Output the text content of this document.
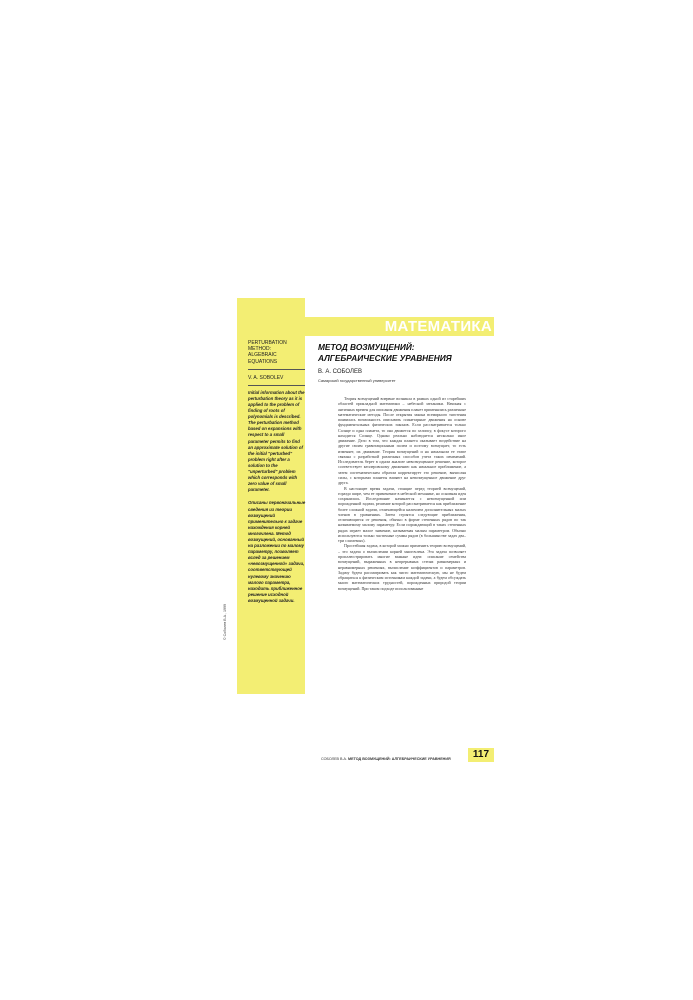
PERTURBATION
METHOD:
ALGEBRAIC EQUATIONS
V. A. SOBOLEV

Initial information about the perturbation theory as it is applied to the problem of finding of roots of polynomials is described. The perturbation method based on expansions with respect to a small parameter permits to find an approximate solution of the initial "perturbed" problem right after a solution to the "unperturbed" problem which corresponds with zero value of small parameter.

Описаны первоначальные сведения из теории возмущений применительно к задаче нахождения корней многочлена. Метод возмущений, основанный на разложении по малому параметру, позволяет вслед за решением «невозмущенной» задачи, соответствующей нулевому значению малого параметра, находить приближенное решение исходной возмущенной задачи.

© Соболев В.А., 1999
МАТЕМАТИКА
МЕТОД ВОЗМУЩЕНИЙ:
АЛГЕБРАИЧЕСКИЕ УРАВНЕНИЯ
В. А. СОБОЛЕВ
Самарский государственный университет

Теория возмущений впервые возникла в рамках одной из старейших областей прикладной математики – небесной механики. Начиная с античных времен для описания движения планет применялись различные математические методы. После открытия закона всемирного тяготения появилась возможность описывать планетарные движения на основе фундаментальных физических законов. Если рассматривается только Солнце и одна планета, то она движется по эллипсу, в фокусе которого находится Солнце. Однако реально наблюдается несколько иное движение. Дело в том, что каждая планета оказывает воздействие на другие своим гравитационным полем и поэтому возмущает, то есть изменяет, их движение. Теория возмущений и на начальном ее этапе связана с разработкой различных способов учета таких изменений. Исследователь берет в одном анализе невозмущенное решение, которое соответствует кеплеровскому движению как начальное приближение, а затем систематическим образом корректирует это решение, вычисляя силы, с которыми планеты влияют на невозмущенное движение друг друга.

В настоящее время задачи, стоящие перед теорией возмущений, гораздо шире, чем ее применение в небесной механике, но основная идея сохранилась. Исследование начинается с невозмущенной или порожденной задачи, решение которой рассматривается как приближение более сложной задачи, отличающейся наличием дополнительных малых членов в уравнениях. Затем строятся следующие приближения, отличающиеся от решения, обычно в форме степенных рядов по так называемому малому параметру. Если порождающий в таких степенных рядах играет малое значение, называемая малым параметром. Обычно используются только частичные суммы рядов (в большинстве задач два–три слагаемых).

Простейшая задача, в которой можно применить теорию возмущений, – это задача о вычислении корней многочлена. Эта задача позволяет проиллюстрировать многие важные идеи: описание семейства возмущений, выраженных в непрерывных степях равномерных и неравномерных решениях, вычисление коэффициентов и параметров. Задачу будем рассматривать как чисто математическую, мы не будем обращаться к физическим источникам каждой задачи, а будем обсуждать много математических трудностей, порожденных природой теории возмущений. При таком подходе использованные

СОБОЛЕВ В.А. МЕТОД ВОЗМУЩЕНИЙ: АЛГЕБРАИЧЕСКИЕ УРАВНЕНИЯ	117
